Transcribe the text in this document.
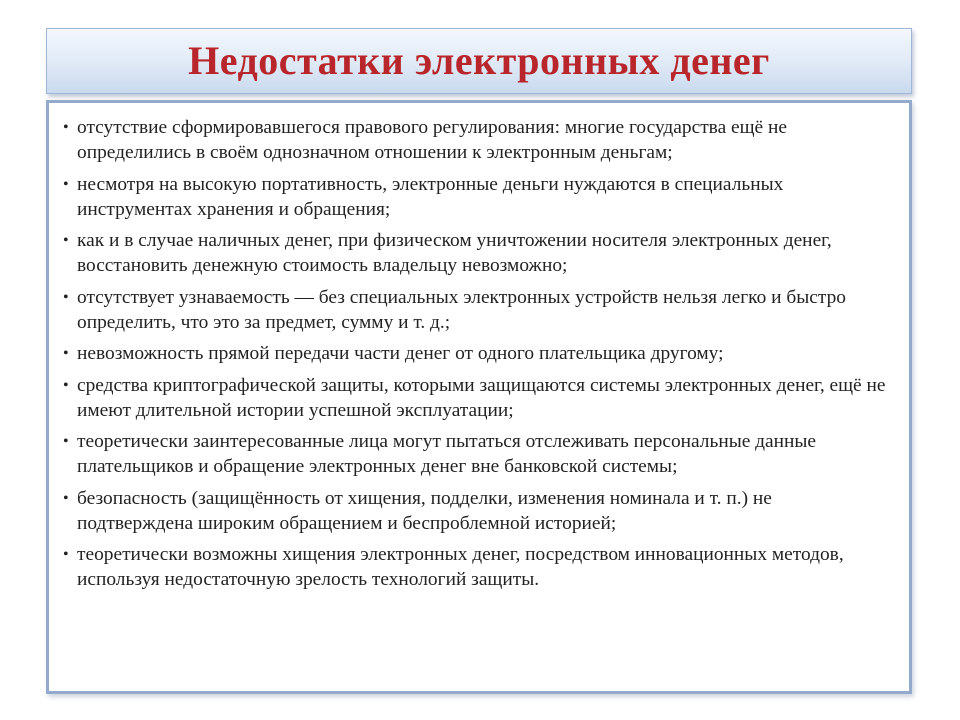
Недостатки электронных денег
• отсутствие сформировавшегося правового регулирования: многие государства ещё не определились в своём однозначном отношении к электронным деньгам;
• несмотря на высокую портативность, электронные деньги нуждаются в специальных инструментах хранения и обращения;
• как и в случае наличных денег, при физическом уничтожении носителя электронных денег, восстановить денежную стоимость владельцу невозможно;
• отсутствует узнаваемость — без специальных электронных устройств нельзя легко и быстро определить, что это за предмет, сумму и т. д.;
• невозможность прямой передачи части денег от одного плательщика другому;
• средства криптографической защиты, которыми защищаются системы электронных денег, ещё не имеют длительной истории успешной эксплуатации;
• теоретически заинтересованные лица могут пытаться отслеживать персональные данные плательщиков и обращение электронных денег вне банковской системы;
• безопасность (защищённость от хищения, подделки, изменения номинала и т. п.) не подтверждена широким обращением и беспроблемной историей;
• теоретически возможны хищения электронных денег, посредством инновационных методов, используя недостаточную зрелость технологий защиты.
